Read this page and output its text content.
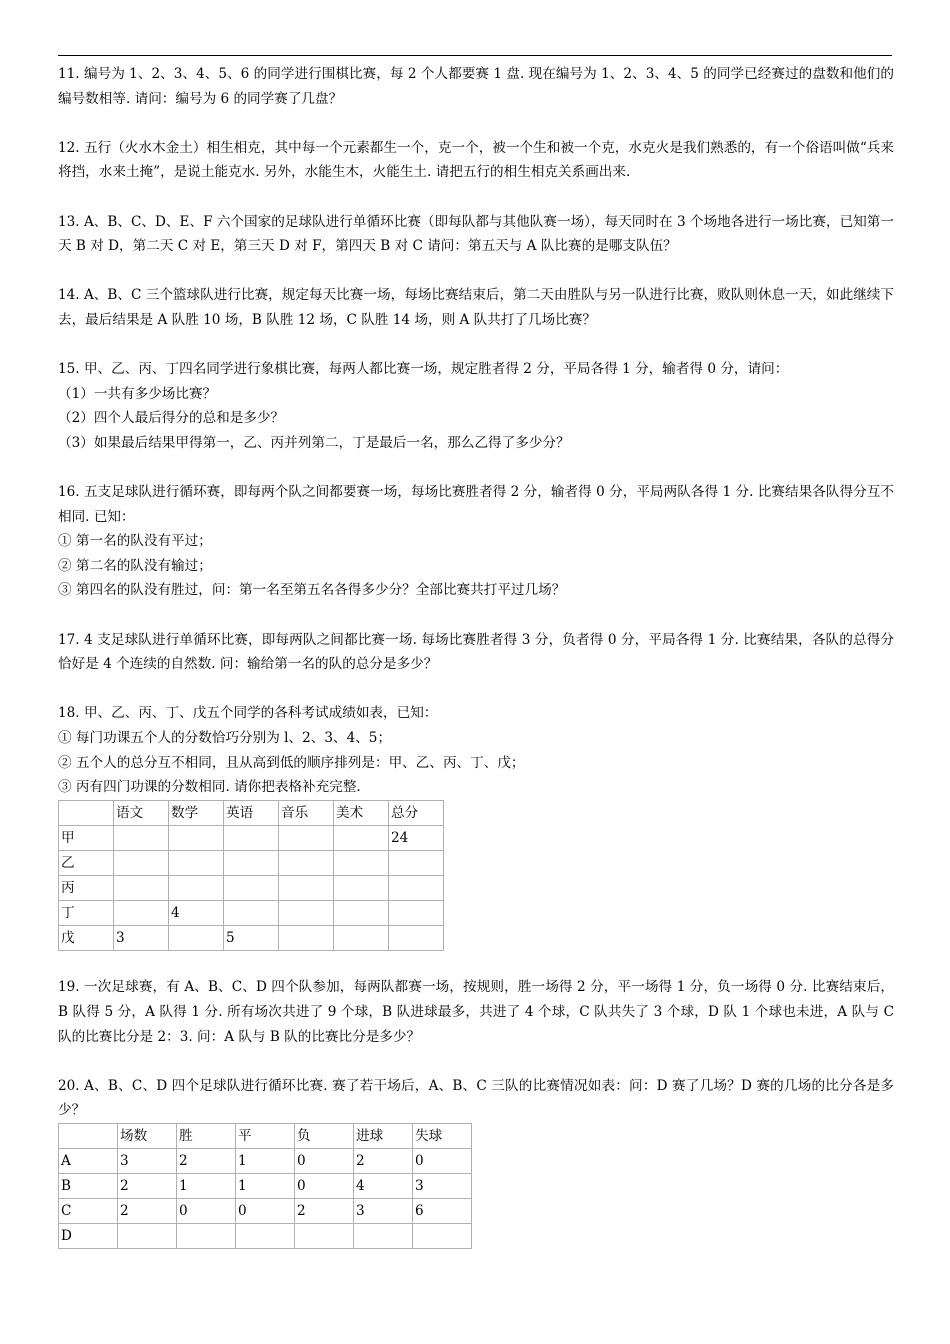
11. 编号为 1、2、3、4、5、6 的同学进行围棋比赛，每 2 个人都要赛 1 盘. 现在编号为 1、2、3、4、5 的同学已经赛过的盘数和他们的编号数相等. 请问：编号为 6 的同学赛了几盘？

12. 五行（火水木金土）相生相克，其中每一个元素都生一个，克一个，被一个生和被一个克，水克火是我们熟悉的，有一个俗语叫做“兵来将挡，水来土掩”，是说土能克水. 另外，水能生木，火能生土. 请把五行的相生相克关系画出来.

13. A、B、C、D、E、F 六个国家的足球队进行单循环比赛（即每队都与其他队赛一场），每天同时在 3 个场地各进行一场比赛，已知第一天 B 对 D，第二天 C 对 E，第三天 D 对 F，第四天 B 对 C 请问：第五天与 A 队比赛的是哪支队伍？

14. A、B、C 三个篮球队进行比赛，规定每天比赛一场，每场比赛结束后，第二天由胜队与另一队进行比赛，败队则休息一天，如此继续下去，最后结果是 A 队胜 10 场，B 队胜 12 场，C 队胜 14 场，则 A 队共打了几场比赛？

15. 甲、乙、丙、丁四名同学进行象棋比赛，每两人都比赛一场，规定胜者得 2 分，平局各得 1 分，输者得 0 分，请问：

（1）一共有多少场比赛？

（2）四个人最后得分的总和是多少？

（3）如果最后结果甲得第一，乙、丙并列第二，丁是最后一名，那么乙得了多少分？

16. 五支足球队进行循环赛，即每两个队之间都要赛一场，每场比赛胜者得 2 分，输者得 0 分，平局两队各得 1 分. 比赛结果各队得分互不相同. 已知：

① 第一名的队没有平过；

② 第二名的队没有输过；

③ 第四名的队没有胜过，问：第一名至第五名各得多少分？全部比赛共打平过几场？

17. 4 支足球队进行单循环比赛，即每两队之间都比赛一场. 每场比赛胜者得 3 分，负者得 0 分，平局各得 1 分. 比赛结果，各队的总得分恰好是 4 个连续的自然数. 问：输给第一名的队的总分是多少？

18. 甲、乙、丙、丁、戊五个同学的各科考试成绩如表，已知：

① 每门功课五个人的分数恰巧分别为 l、2、3、4、5；

② 五个人的总分互不相同，且从高到低的顺序排列是：甲、乙、丙、丁、戊；

③ 丙有四门功课的分数相同. 请你把表格补充完整.

	语文	数学	英语	音乐	美术	总分
甲						24
乙						
丙						
丁		4				
戊	3		5			

19. 一次足球赛，有 A、B、C、D 四个队参加，每两队都赛一场，按规则，胜一场得 2 分，平一场得 1 分，负一场得 0 分. 比赛结束后，B 队得 5 分，A 队得 1 分. 所有场次共进了 9 个球，B 队进球最多，共进了 4 个球，C 队共失了 3 个球，D 队 1 个球也未进，A 队与 C 队的比赛比分是 2：3. 问：A 队与 B 队的比赛比分是多少？

20. A、B、C、D 四个足球队进行循环比赛. 赛了若干场后，A、B、C 三队的比赛情况如表：问：D 赛了几场？D 赛的几场的比分各是多少？

	场数	胜	平	负	进球	失球
A	3	2	1	0	2	0
B	2	1	1	0	4	3
C	2	0	0	2	3	6
D						
